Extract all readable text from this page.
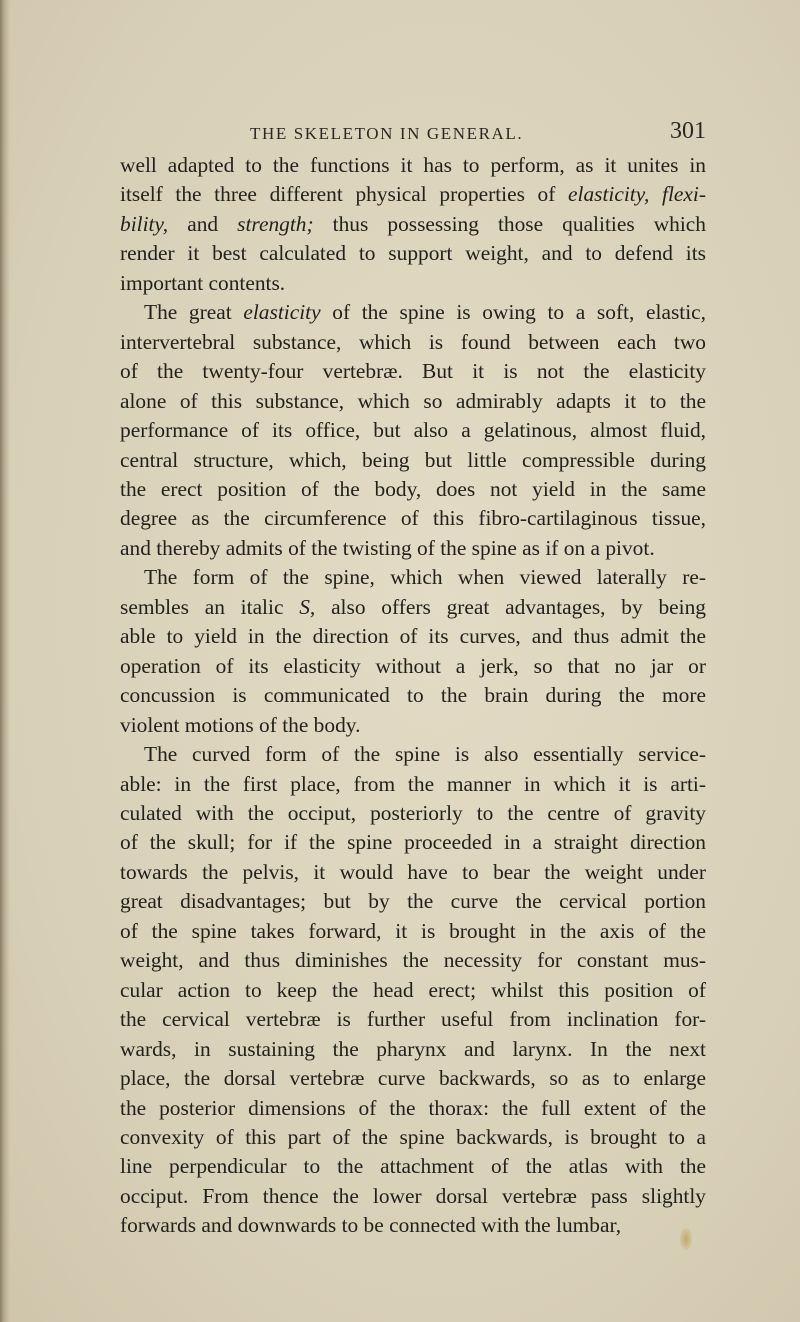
THE SKELETON IN GENERAL.	301
well adapted to the functions it has to perform, as it unites in
itself the three different physical properties of elasticity, flexi-
bility, and strength; thus possessing those qualities which
render it best calculated to support weight, and to defend its
important contents.
The great elasticity of the spine is owing to a soft, elastic,
intervertebral substance, which is found between each two
of the twenty-four vertebræ. But it is not the elasticity
alone of this substance, which so admirably adapts it to the
performance of its office, but also a gelatinous, almost fluid,
central structure, which, being but little compressible during
the erect position of the body, does not yield in the same
degree as the circumference of this fibro-cartilaginous tissue,
and thereby admits of the twisting of the spine as if on a pivot.
The form of the spine, which when viewed laterally re-
sembles an italic S, also offers great advantages, by being
able to yield in the direction of its curves, and thus admit the
operation of its elasticity without a jerk, so that no jar or
concussion is communicated to the brain during the more
violent motions of the body.
The curved form of the spine is also essentially service-
able: in the first place, from the manner in which it is arti-
culated with the occiput, posteriorly to the centre of gravity
of the skull; for if the spine proceeded in a straight direction
towards the pelvis, it would have to bear the weight under
great disadvantages; but by the curve the cervical portion
of the spine takes forward, it is brought in the axis of the
weight, and thus diminishes the necessity for constant mus-
cular action to keep the head erect; whilst this position of
the cervical vertebræ is further useful from inclination for-
wards, in sustaining the pharynx and larynx. In the next
place, the dorsal vertebræ curve backwards, so as to enlarge
the posterior dimensions of the thorax: the full extent of the
convexity of this part of the spine backwards, is brought to a
line perpendicular to the attachment of the atlas with the
occiput. From thence the lower dorsal vertebræ pass slightly
forwards and downwards to be connected with the lumbar,
